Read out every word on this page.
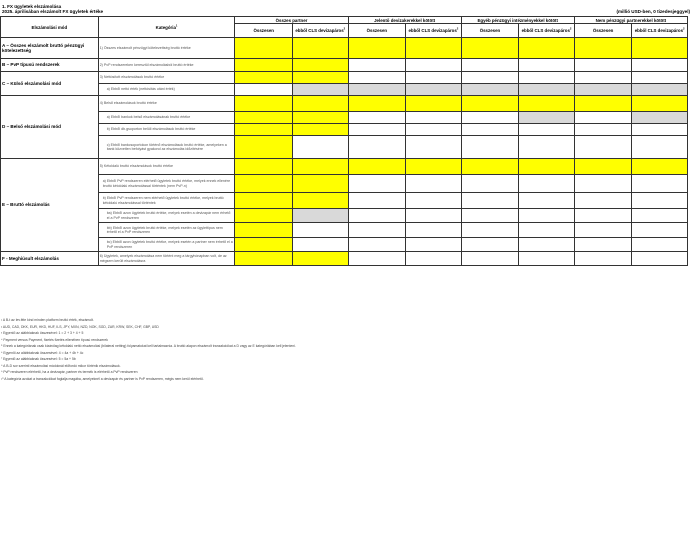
1. FX ügyletek elszámolása
2025. áprilisában elszámolt FX ügyletek értéke	(millió USD-ben, 0 tizedesjeggyel)
Elszámolási mód	Kategória$^1$	Összes partner		Jelentő devizakerekkel kötött		Egyéb pénzügyi intézményekkel kötött		Nem pénzügyi partnerekkel kötött	
		Összesen	ebből CLS devizapáros$^2$	Összesen	ebből CLS devizapáros$^2$	Összesen	ebből CLS devizapáros$^2$	Összesen	ebből CLS devizapáros$^2$
A – Összes elszámolt bruttó pénzügyi kötelezettség	1) Összes elszámolt pénzügyi kötelezettség bruttó értéke								
B – PvP típusú rendszerek	2) PvP rendszereken keresztül elszámolásból bruttó értéke								
C – Külső elszámolási mód	3) Nettósított elszámolások bruttó értéke								
	a) Ebből nettó érték (nettósítás utáni érték)								
D – Belső elszámolási mód	4) Belső elszámolások bruttó értéke								
	a) Ebből bankok belső elszámolásának bruttó értéke								
	b) Ebből db.gsoporton belüli elszámolások bruttó értéke								
	c) Ebből bankcsoportokon történő elszámolások bruttó értéke, amelyeken a bank közvetlen befolyást gyakorol az elszámolás időzítésére								
E – Bruttó elszámolás	5) Kétoldalú bruttó elszámolások bruttó értéke								
	a) Ebből PvP rendszeren elérhető ügyletek bruttó értéke, melyek ennek ellenére bruttó kétoldalú elszámolással történtek (nem PvP-n)								
	b) Ebből PvP rendszeren nem elérhető ügyletek bruttó értéke, melyek bruttó kétoldalú elszámolással történtek								
	ba) Ebből azon ügyletek bruttó értéke, melyek esetén a devizapár nem érhető el a PvP rendszeren								
	bb) Ebből azon ügyletek bruttó értéke, melyek esetén az ügylettípus nem érhető el a PvP rendszeren								
	bc) Ebből azon ügyletek bruttó értéke, melyek esetén a partner nem érhető el a PvP rendszeren								
F - Meghiúsult elszámolás	6) Ügyletek, amelyek elszámolása nem történt meg a tárgyhónapban volt, de az mégsem került elszámolásra								
¹ A B-t az lev.féle kind minden platform bruttó érték, elszámolt.
² AUD, CAD, DKK, EUR, HKD, HUF, ILS, JPY, MXN, NZD, NOK, SGD, ZAR, KRW, SEK, CHF, GBP, USD
³ Egyenlő az alábbiaknak összesével: 1 = 2 + 3 + 4 + 5
⁴ Payment versus Payment, fizetés fizetés ellenében típusú rendszerek
⁵ Ennek a kategóriának csak kizárólag kétoldalú nettó elszámolási (bilateral netting) folyamatokat kell tartalmaznia. A bruttó alapon elszámolt tranzakciókat a D vagy az E kategóriában kell jelenteni.
⁶ Egyenlő az alábbiaknak összesével: 4 = 4a + 4b + 4c
⁷ Egyenlő az alábbiaknak összesével: 5 = 5a + 5b
⁸ A B-D sor szerinti elszámolási módoknál előfordó mikor történik elszámolásuk.
⁹ PvP rendszeren elérhető, ha a devizapár, partner és termék is elérhető a PvP rendszeren
¹⁰ A kategória azokat a tranzakciókat foglalja magába, amelyeknél a devizapár és partner is PvP rendszeren, mégis nem kerül elérhető.
